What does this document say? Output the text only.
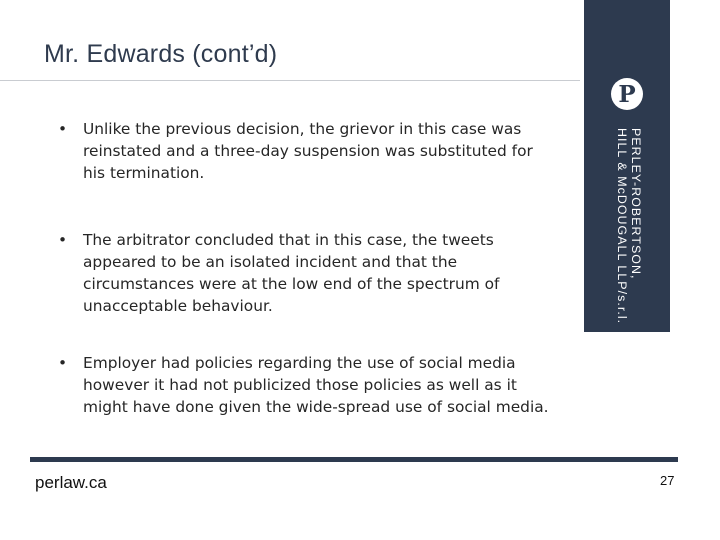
Mr. Edwards (cont’d)
P
PERLEY-ROBERTSON,
HILL & McDOUGALL LLP/s.r.l.
• Unlike the previous decision, the grievor in this case was reinstated and a three-day suspension was substituted for his termination.
• The arbitrator concluded that in this case, the tweets appeared to be an isolated incident and that the circumstances were at the low end of the spectrum of unacceptable behaviour.
• Employer had policies regarding the use of social media however it had not publicized those policies as well as it might have done given the wide-spread use of social media.
perlaw.ca	27
